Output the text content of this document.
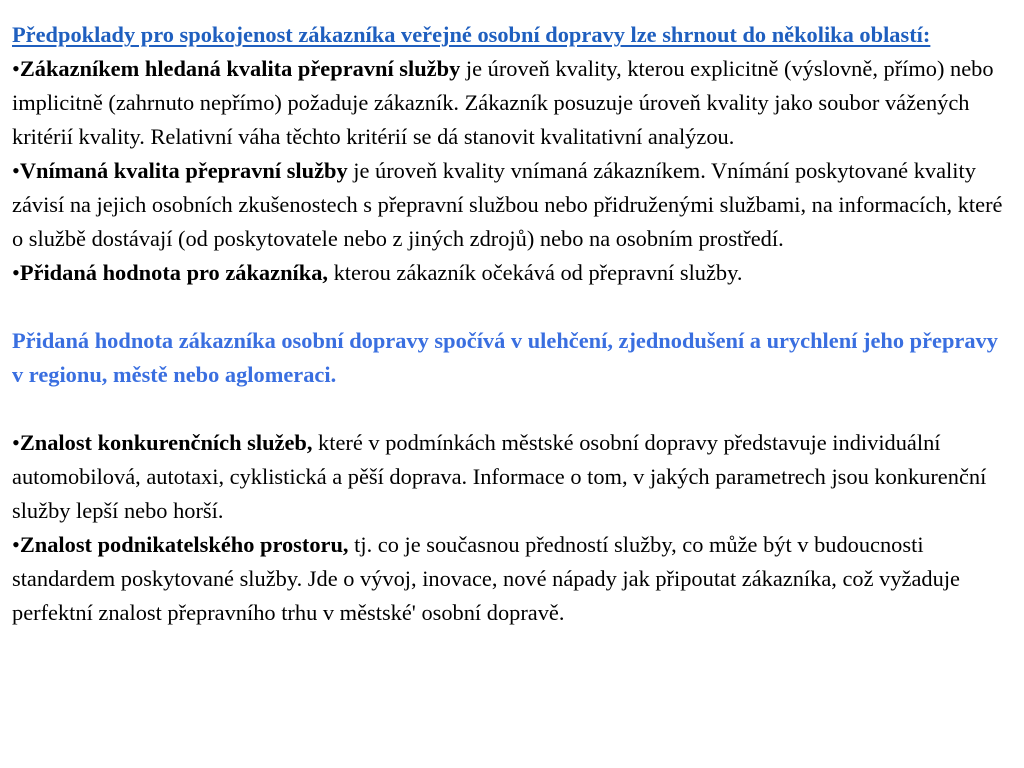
Předpoklady pro spokojenost zákazníka veřejné osobní dopravy lze shrnout do několika oblastí:

•Zákazníkem hledaná kvalita přepravní služby je úroveň kvality, kterou explicitně (výslovně, přímo) nebo implicitně (zahrnuto nepřímo) požaduje zákazník. Zákazník posuzuje úroveň kvality jako soubor vážených kritérií kvality. Relativní váha těchto kritérií se dá stanovit kvalitativní analýzou.

•Vnímaná kvalita přepravní služby je úroveň kvality vnímaná zákazníkem. Vnímání poskytované kvality závisí na jejich osobních zkušenostech s přepravní službou nebo přidruženými službami, na informacích, které o službě dostávají (od poskytovatele nebo z jiných zdrojů) nebo na osobním prostředí.

•Přidaná hodnota pro zákazníka, kterou zákazník očekává od přepravní služby.

Přidaná hodnota zákazníka osobní dopravy spočívá v ulehčení, zjednodušení a urychlení jeho přepravy v regionu, městě nebo aglomeraci.

•Znalost konkurenčních služeb, které v podmínkách městské osobní dopravy představuje individuální automobilová, autotaxi, cyklistická a pěší doprava. Informace o tom, v jakých parametrech jsou konkurenční služby lepší nebo horší.

•Znalost podnikatelského prostoru, tj. co je současnou předností služby, co může být v budoucnosti standardem poskytované služby. Jde o vývoj, inovace, nové nápady jak připoutat zákazníka, což vyžaduje perfektní znalost přepravního trhu v městské' osobní dopravě.
